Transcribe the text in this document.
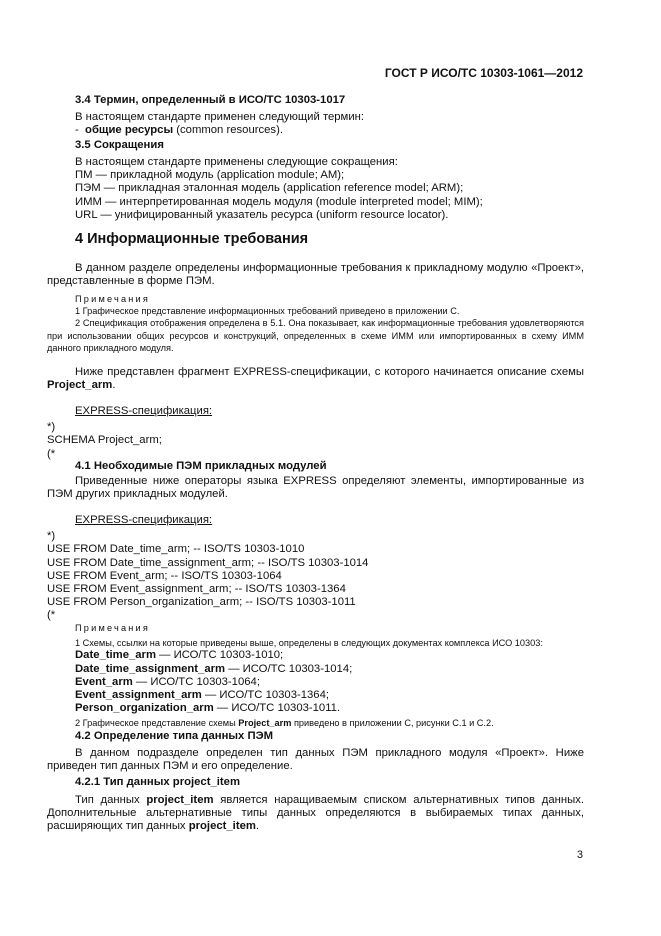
ГОСТ Р ИСО/ТС 10303-1061—2012

3.4 Термин, определенный в ИСО/ТС 10303-1017

В настоящем стандарте применен следующий термин:

- общие ресурсы (common resources).

3.5 Сокращения

В настоящем стандарте применены следующие сокращения:

ПМ — прикладной модуль (application module; AM);

ПЭМ — прикладная эталонная модель (application reference model; ARM);

ИММ — интерпретированная модель модуля (module interpreted model; MIM);

URL — унифицированный указатель ресурса (uniform resource locator).

4 Информационные требования

В данном разделе определены информационные требования к прикладному модулю «Проект», представленные в форме ПЭМ.

Примечания

1 Графическое представление информационных требований приведено в приложении С.

2 Спецификация отображения определена в 5.1. Она показывает, как информационные требования удовлетворяются при использовании общих ресурсов и конструкций, определенных в схеме ИММ или импортированных в схему ИММ данного прикладного модуля.

Ниже представлен фрагмент EXPRESS-спецификации, с которого начинается описание схемы Project_arm.

EXPRESS-спецификация:

*)

SCHEMA Project_arm;

(*

4.1 Необходимые ПЭМ прикладных модулей

Приведенные ниже операторы языка EXPRESS определяют элементы, импортированные из ПЭМ других прикладных модулей.

EXPRESS-спецификация:

*)

USE FROM Date_time_arm; -- ISO/TS 10303-1010

USE FROM Date_time_assignment_arm; -- ISO/TS 10303-1014

USE FROM Event_arm; -- ISO/TS 10303-1064

USE FROM Event_assignment_arm; -- ISO/TS 10303-1364

USE FROM Person_organization_arm; -- ISO/TS 10303-1011

(*

Примечания

1 Схемы, ссылки на которые приведены выше, определены в следующих документах комплекса ИСО 10303:

Date_time_arm — ИСО/ТС 10303-1010;

Date_time_assignment_arm — ИСО/ТС 10303-1014;

Event_arm — ИСО/ТС 10303-1064;

Event_assignment_arm — ИСО/ТС 10303-1364;

Person_organization_arm — ИСО/ТС 10303-1011.

2 Графическое представление схемы Project_arm приведено в приложении С, рисунки С.1 и С.2.

4.2 Определение типа данных ПЭМ

В данном подразделе определен тип данных ПЭМ прикладного модуля «Проект». Ниже приведен тип данных ПЭМ и его определение.

4.2.1 Тип данных project_item

Тип данных project_item является наращиваемым списком альтернативных типов данных. Дополнительные альтернативные типы данных определяются в выбираемых типах данных, расширяющих тип данных project_item.

3
